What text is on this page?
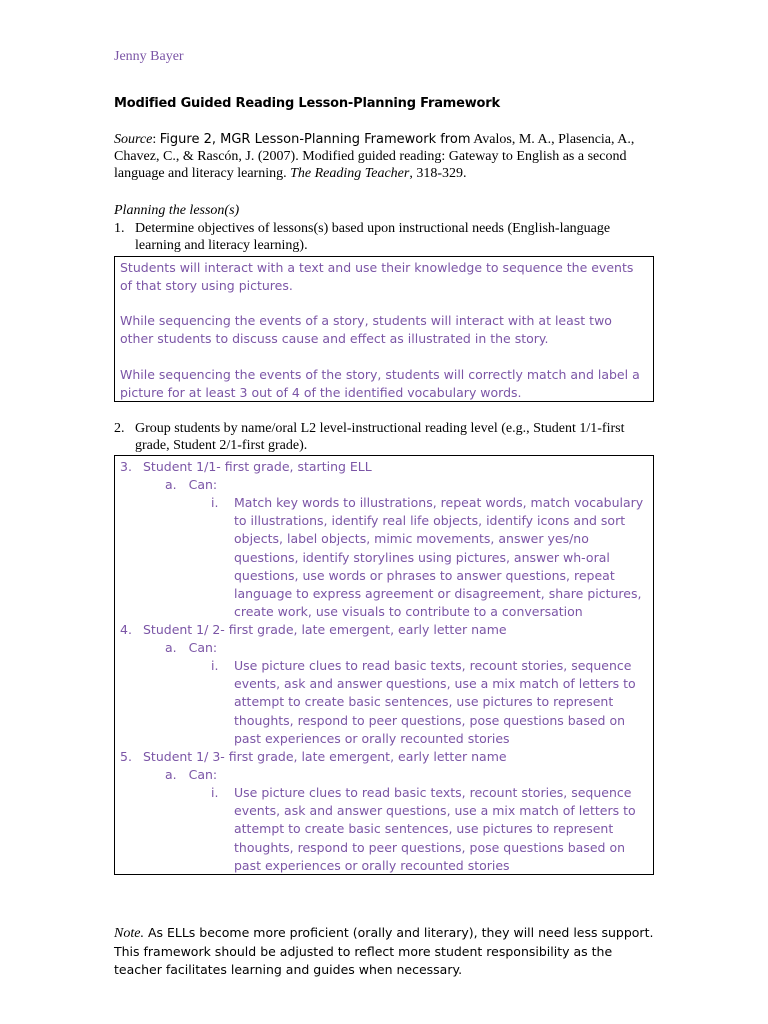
Jenny Bayer
Modified Guided Reading Lesson-Planning Framework
Source: Figure 2, MGR Lesson-Planning Framework from Avalos, M. A., Plasencia, A., Chavez, C., & Rascón, J. (2007). Modified guided reading: Gateway to English as a second language and literacy learning. The Reading Teacher, 318-329.
Planning the lesson(s)
1. Determine objectives of lessons(s) based upon instructional needs (English-language learning and literacy learning).

Students will interact with a text and use their knowledge to sequence the events of that story using pictures.

While sequencing the events of a story, students will interact with at least two other students to discuss cause and effect as illustrated in the story.

While sequencing the events of the story, students will correctly match and label a picture for at least 3 out of 4 of the identified vocabulary words.

2. Group students by name/oral L2 level-instructional reading level (e.g., Student 1/1-first grade, Student 2/1-first grade).

3. Student 1/1- first grade, starting ELL
a. Can:
i. Match key words to illustrations, repeat words, match vocabulary to illustrations, identify real life objects, identify icons and sort objects, label objects, mimic movements, answer yes/no questions, identify storylines using pictures, answer wh-oral questions, use words or phrases to answer questions, repeat language to express agreement or disagreement, share pictures, create work, use visuals to contribute to a conversation

4. Student 1/ 2- first grade, late emergent, early letter name
a. Can:
i. Use picture clues to read basic texts, recount stories, sequence events, ask and answer questions, use a mix match of letters to attempt to create basic sentences, use pictures to represent thoughts, respond to peer questions, pose questions based on past experiences or orally recounted stories

5. Student 1/ 3- first grade, late emergent, early letter name
a. Can:
i. Use picture clues to read basic texts, recount stories, sequence events, ask and answer questions, use a mix match of letters to attempt to create basic sentences, use pictures to represent thoughts, respond to peer questions, pose questions based on past experiences or orally recounted stories

Note. As ELLs become more proficient (orally and literary), they will need less support. This framework should be adjusted to reflect more student responsibility as the teacher facilitates learning and guides when necessary.
